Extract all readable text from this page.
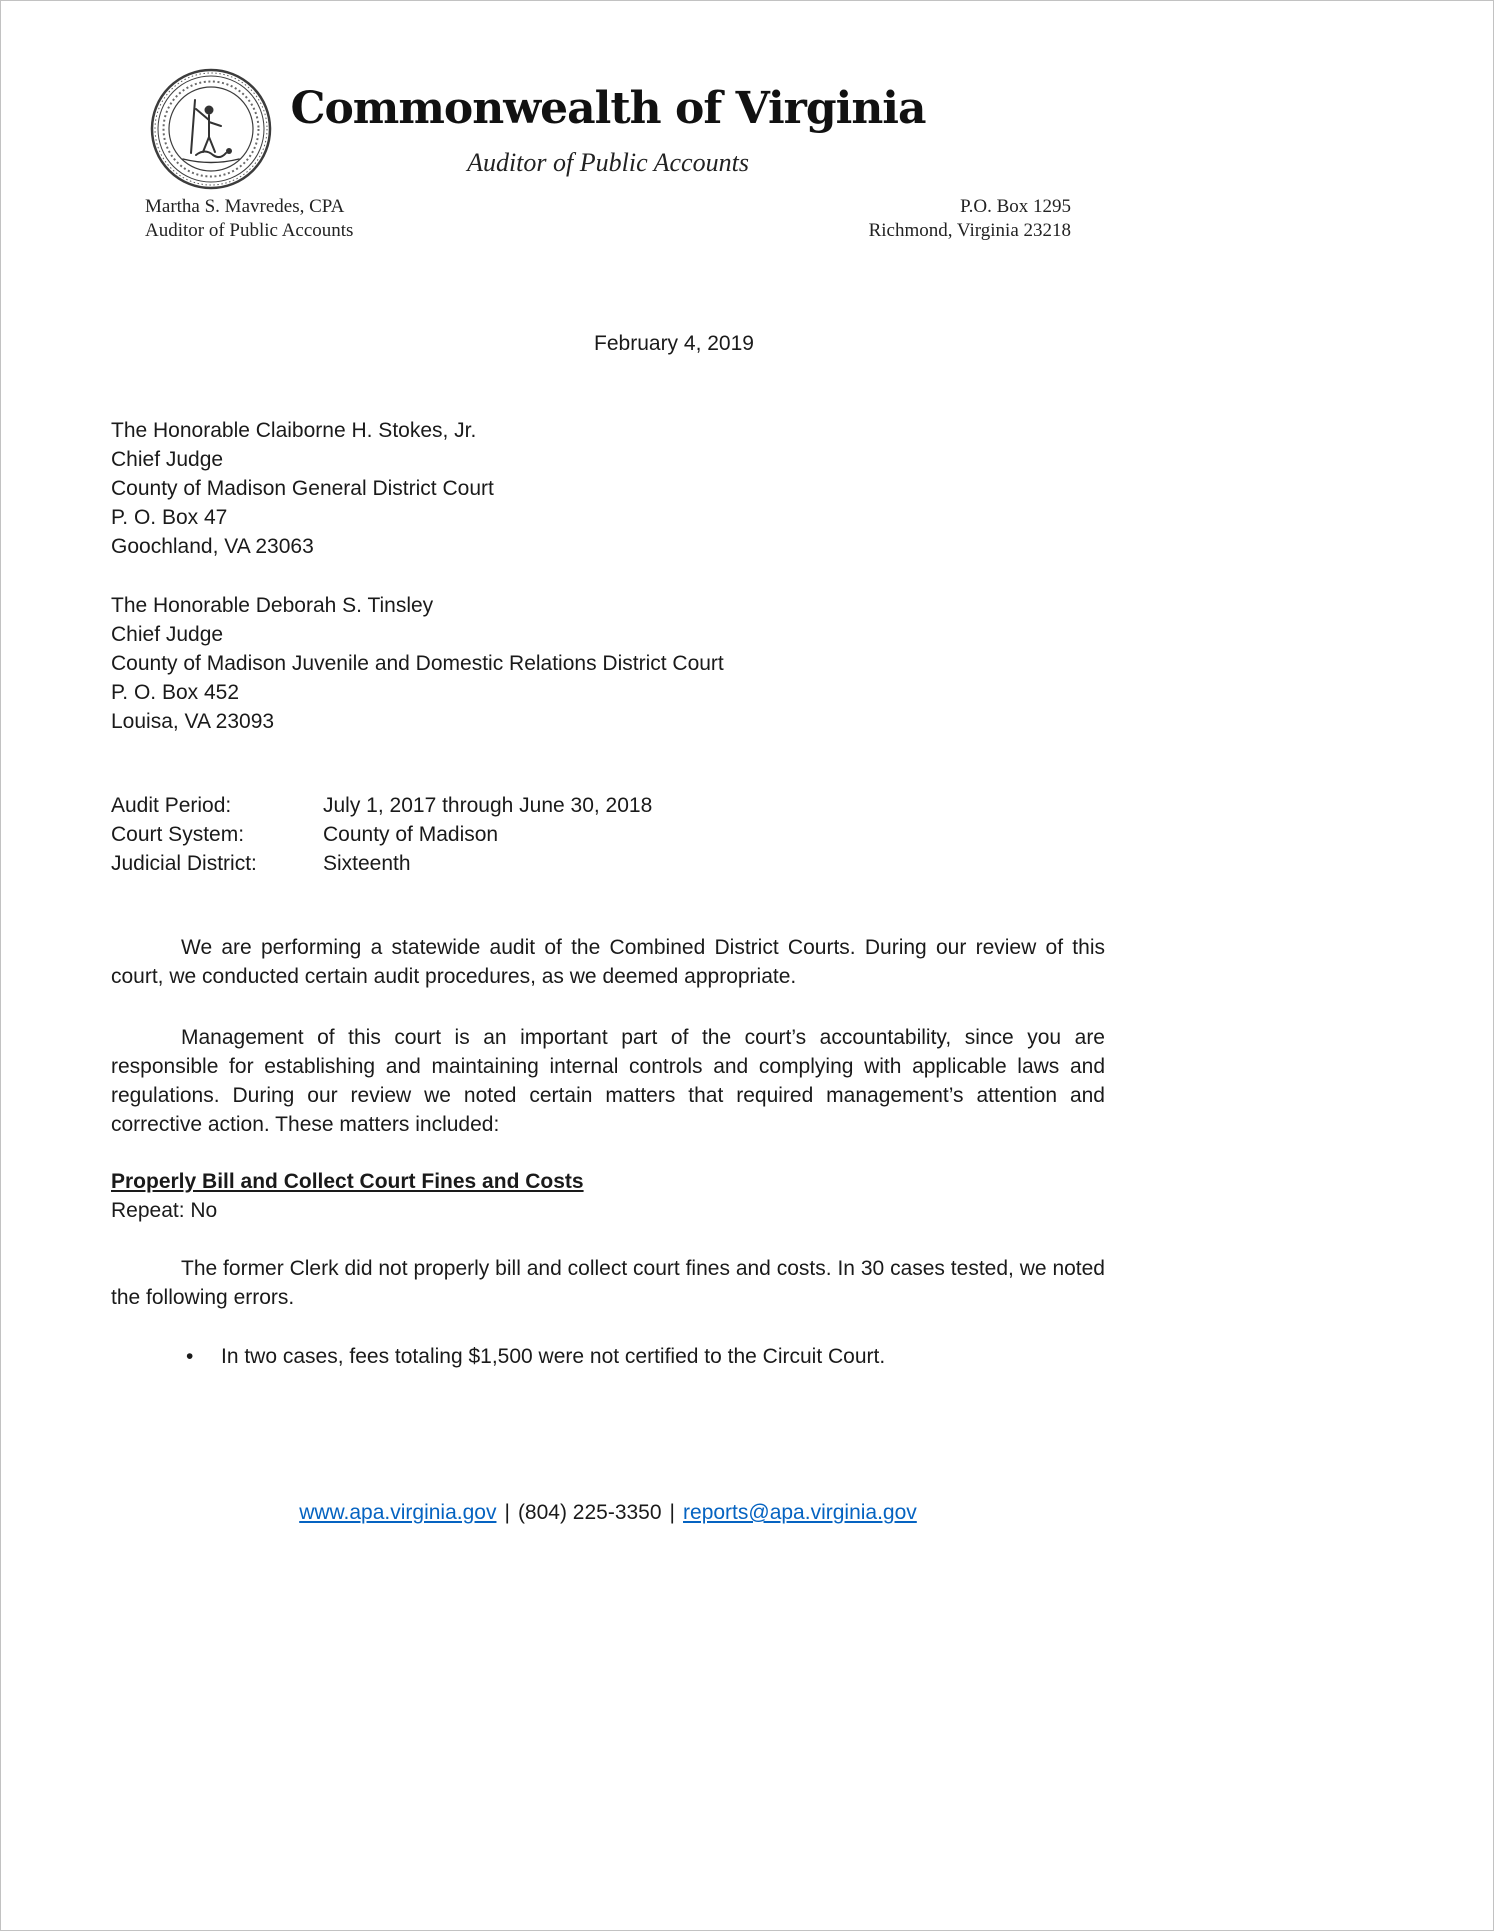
Commonwealth of Virginia
Auditor of Public Accounts
Martha S. Mavredes, CPA
Auditor of Public Accounts
P.O. Box 1295
Richmond, Virginia 23218
February 4, 2019
The Honorable Claiborne H. Stokes, Jr.
Chief Judge
County of Madison General District Court
P. O. Box 47
Goochland, VA 23063
The Honorable Deborah S. Tinsley
Chief Judge
County of Madison Juvenile and Domestic Relations District Court
P. O. Box 452
Louisa, VA 23093
Audit Period:	July 1, 2017 through June 30, 2018
Court System:	County of Madison
Judicial District:	Sixteenth

We are performing a statewide audit of the Combined District Courts. During our review of this court, we conducted certain audit procedures, as we deemed appropriate.

Management of this court is an important part of the court’s accountability, since you are responsible for establishing and maintaining internal controls and complying with applicable laws and regulations. During our review we noted certain matters that required management’s attention and corrective action. These matters included:

Properly Bill and Collect Court Fines and Costs
Repeat: No

The former Clerk did not properly bill and collect court fines and costs. In 30 cases tested, we noted the following errors.

•	In two cases, fees totaling $1,500 were not certified to the Circuit Court.
www.apa.virginia.gov | (804) 225-3350 | reports@apa.virginia.gov
